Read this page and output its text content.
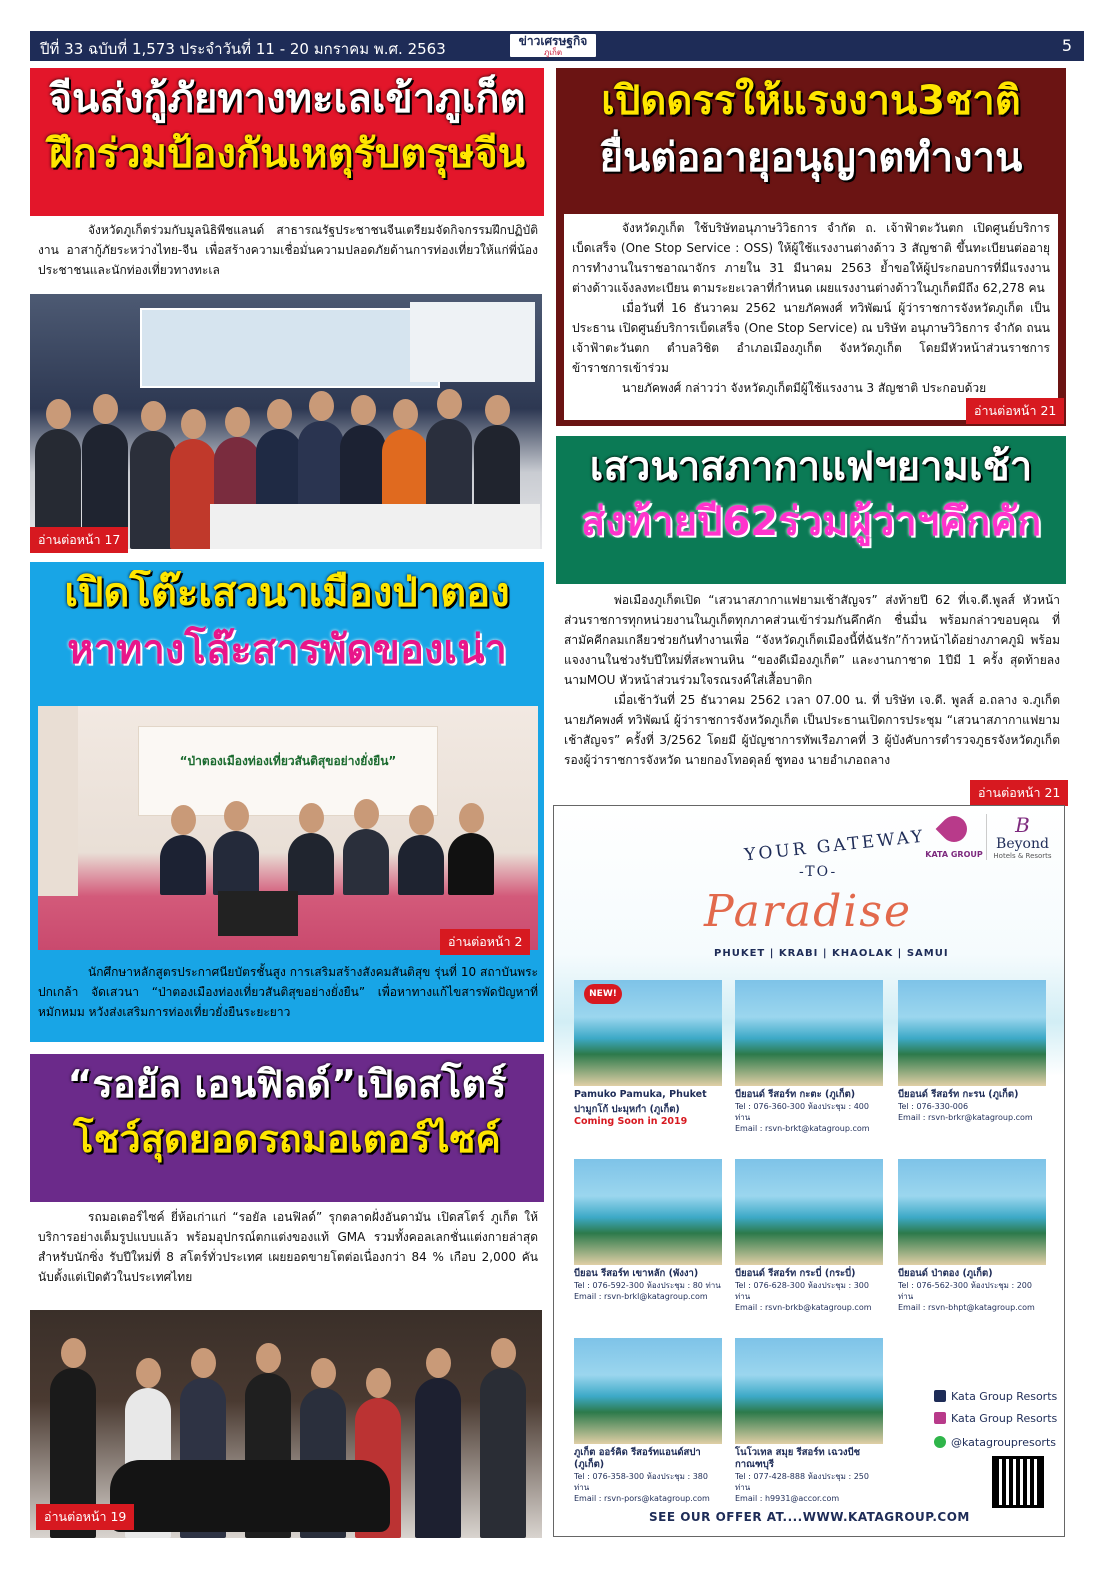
ปีที่ 33 ฉบับที่ 1,573 ประจำวันที่ 11 - 20 มกราคม พ.ศ. 2563	ข่าวเศรษฐกิจ
ภูเก็ต	5
จีนส่งกู้ภัยทางทะเลเข้าภูเก็ต
ฝึกร่วมป้องกันเหตุรับตรุษจีน

จังหวัดภูเก็ตร่วมกับมูลนิธิพีชแลนด์ สาธารณรัฐประชาชนจีนเตรียมจัดกิจกรรมฝึกปฏิบัติงาน อาสากู้ภัยระหว่างไทย-จีน เพื่อสร้างความเชื่อมั่นความปลอดภัยด้านการท่องเที่ยวให้แก่พี่น้องประชาชนและนักท่องเที่ยวทางทะเล

อ่านต่อหน้า 17
เปิดดรรให้แรงงาน3ชาติ
ยื่นต่ออายุอนุญาตทำงาน

จังหวัดภูเก็ต ใช้บริษัทอนุภาษวิวิธการ จำกัด ถ. เจ้าฟ้าตะวันตก เปิดศูนย์บริการเบ็ดเสร็จ (One Stop Service : OSS) ให้ผู้ใช้แรงงานต่างด้าว 3 สัญชาติ ขึ้นทะเบียนต่ออายุการทำงานในราชอาณาจักร ภายใน 31 มีนาคม 2563 ย้ำขอให้ผู้ประกอบการที่มีแรงงานต่างด้าวแจ้งลงทะเบียน ตามระยะเวลาที่กำหนด เผยแรงงานต่างด้าวในภูเก็ตมีถึง 62,278 คน

เมื่อวันที่ 16 ธันวาคม 2562 นายภัคพงศ์ ทวิพัฒน์ ผู้ว่าราชการจังหวัดภูเก็ต เป็นประธาน เปิดศูนย์บริการเบ็ดเสร็จ (One Stop Service) ณ บริษัท อนุภาษวิวิธการ จำกัด ถนนเจ้าฟ้าตะวันตก ตำบลวิชิต อำเภอเมืองภูเก็ต จังหวัดภูเก็ต โดยมีหัวหน้าส่วนราชการ ข้าราชการเข้าร่วม

นายภัคพงศ์ กล่าวว่า จังหวัดภูเก็ตมีผู้ใช้แรงงาน 3 สัญชาติ ประกอบด้วย

อ่านต่อหน้า 21
เสวนาสภากาแฟฯยามเช้า
ส่งท้ายปี62ร่วมผู้ว่าฯคึกคัก

พ่อเมืองภูเก็ตเปิด “เสวนาสภากาแฟยามเช้าสัญจร” ส่งท้ายปี 62 ที่เจ.ดี.พูลส์ หัวหน้าส่วนราชการทุกหน่วยงานในภูเก็ตทุกภาคส่วนเข้าร่วมกันคึกคัก ชื่นมื่น พร้อมกล่าวขอบคุณ ที่สามัคคีกลมเกลียวช่วยกันทำงานเพื่อ “จังหวัดภูเก็ตเมืองนี้ที่ฉันรัก”ก้าวหน้าได้อย่างภาคภูมิ พร้อมแจงงานในช่วงรับปีใหม่ที่สะพานหิน “ของดีเมืองภูเก็ต” และงานกาชาด 1ปีมี 1 ครั้ง สุดท้ายลงนามMOU หัวหน้าส่วนร่วมใจรณรงค์ใส่เสื้อบาติก

เมื่อเช้าวันที่ 25 ธันวาคม 2562 เวลา 07.00 น. ที่ บริษัท เจ.ดี. พูลส์ อ.ถลาง จ.ภูเก็ต นายภัคพงศ์ ทวิพัฒน์ ผู้ว่าราชการจังหวัดภูเก็ต เป็นประธานเปิดการประชุม “เสวนาสภากาแฟยามเช้าสัญจร” ครั้งที่ 3/2562 โดยมี ผู้บัญชาการทัพเรือภาคที่ 3 ผู้บังคับการตำรวจภูธรจังหวัดภูเก็ต รองผู้ว่าราชการจังหวัด นายกองโทอดุลย์ ชูทอง นายอำเภอถลาง

อ่านต่อหน้า 21
เปิดโต๊ะเสวนาเมืองป่าตอง
หาทางโล๊ะสารพัดของเน่า
“ป่าตองเมืองท่องเที่ยวสันติสุขอย่างยั่งยืน”
อ่านต่อหน้า 2

นักศึกษาหลักสูตรประกาศนียบัตรชั้นสูง การเสริมสร้างสังคมสันติสุข รุ่นที่ 10 สถาบันพระปกเกล้า จัดเสวนา “ป่าตองเมืองท่องเที่ยวสันติสุขอย่างยั่งยืน” เพื่อหาทางแก้ไขสารพัดปัญหาที่หมักหมม หวังส่งเสริมการท่องเที่ยวยั่งยืนระยะยาว

“รอยัล เอนฟิลด์”เปิดสโตร์
โชว์สุดยอดรถมอเตอร์ไซค์

รถมอเตอร์ไซค์ ยี่ห้อเก่าแก่ “รอยัล เอนฟิลด์” รุกตลาดฝั่งอันดามัน เปิดสโตร์ ภูเก็ต ให้บริการอย่างเต็มรูปแบบแล้ว พร้อมอุปกรณ์ตกแต่งของแท้ GMA รวมทั้งคอลเลกชั่นแต่งกายล่าสุดสำหรับนักซิ่ง รับปีใหม่ที่ 8 สโตร์ทั่วประเทศ เผยยอดขายโตต่อเนื่องกว่า 84 % เกือบ 2,000 คัน นับตั้งแต่เปิดตัวในประเทศไทย

อ่านต่อหน้า 19
KATA GROUP
B
Beyond
Hotels & Resorts
YOUR GATEWAY
-TO-
Paradise
PHUKET | KRABI | KHAOLAK | SAMUI
NEW!
Pamuko Pamuka, Phuket
ปามูกโก้ ปะมุหกำ (ภูเก็ต)
Coming Soon in 2019
บียอนด์ รีสอร์ท กะตะ (ภูเก็ต)
Tel : 076-360-300 ห้องประชุม : 400 ท่าน
Email : rsvn-brkt@katagroup.com
บียอนด์ รีสอร์ท กะรน (ภูเก็ต)
Tel : 076-330-006
Email : rsvn-brkr@katagroup.com
บียอน รีสอร์ท เขาหลัก (พังงา)
Tel : 076-592-300 ห้องประชุม : 80 ท่าน
Email : rsvn-brkl@katagroup.com
บียอนด์ รีสอร์ท กระบี่ (กระบี่)
Tel : 076-628-300 ห้องประชุม : 300 ท่าน
Email : rsvn-brkb@katagroup.com
บียอนด์ ป่าตอง (ภูเก็ต)
Tel : 076-562-300 ห้องประชุม : 200 ท่าน
Email : rsvn-bhpt@katagroup.com
ภูเก็ต ออร์คิด รีสอร์ทแอนด์สปา (ภูเก็ต)
Tel : 076-358-300 ห้องประชุม : 380 ท่าน
Email : rsvn-pors@katagroup.com
โนโวเทล สมุย รีสอร์ท เฉวงบีช กาณฑบุรี
Tel : 077-428-888 ห้องประชุม : 250 ท่าน
Email : h9931@accor.com
Kata Group Resorts
Kata Group Resorts
@katagroupresorts
SEE OUR OFFER AT....WWW.KATAGROUP.COM
